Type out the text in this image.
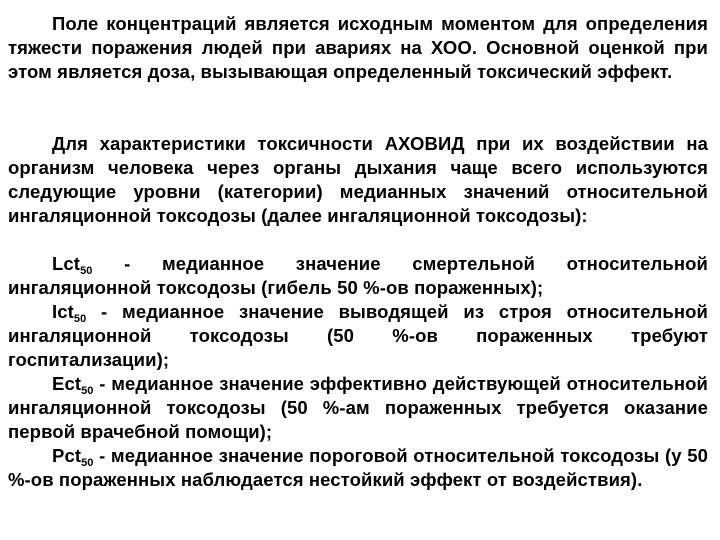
Поле концентраций является исходным моментом для определения тяжести поражения людей при авариях на ХОО. Основной оценкой при этом является доза, вызывающая определенный токсический эффект.

Для характеристики токсичности АХОВИД при их воздействии на организм человека через органы дыхания чаще всего используются следующие уровни (категории) медианных значений относительной ингаляционной токсодозы (далее ингаляционной токсодозы):

Lct$_{50}$ - медианное значение смертельной относительной ингаляционной токсодозы (гибель 50 %-ов пораженных);
Ict$_{50}$ - медианное значение выводящей из строя относительной ингаляционной токсодозы (50 %-ов пораженных требуют госпитализации);
Ect$_{50}$ - медианное значение эффективно действующей относительной ингаляционной токсодозы (50 %-ам пораженных требуется оказание первой врачебной помощи);
Pct$_{50}$ - медианное значение пороговой относительной токсодозы (у 50 %-ов пораженных наблюдается нестойкий эффект от воздействия).
